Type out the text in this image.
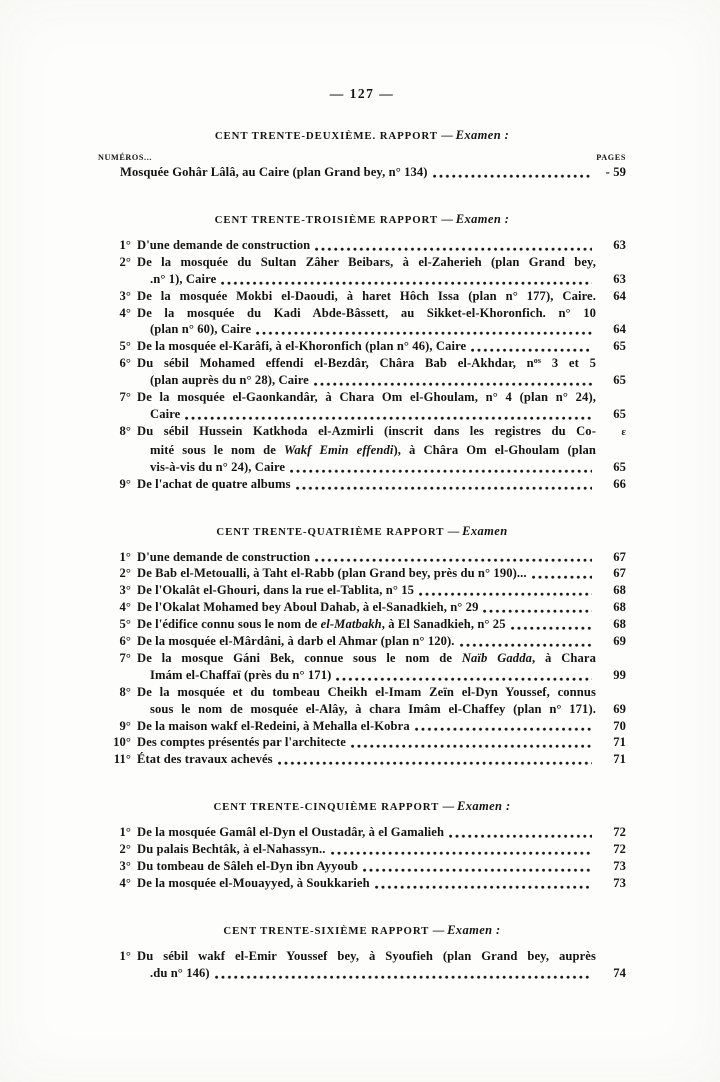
— 127 —
CENT TRENTE-DEUXIÈME. RAPPORT — Examen :
NUMÉROS...	PAGES
Mosquée Gohâr Lâlâ, au Caire (plan Grand bey, n° 134)	- 59
CENT TRENTE-TROISIÈME RAPPORT — Examen :
1° D'une demande de construction	63
2° De la mosquée du Sultan Zâher Beibars, à el-Zaherieh (plan Grand bey,
.n° 1), Caire	63
3° De la mosquée Mokbi el-Daoudi, à haret Hôch Issa (plan n° 177), Caire.	64
4° De la mosquée du Kadi Abde-Bâssett, au Sikket-el-Khoronfich. n° 10
(plan n° 60), Caire	64
5° De la mosquée el-Karâfi, à el-Khoronfich (plan n° 46), Caire	65
6° Du sébil Mohamed effendi el-Bezdâr, Châra Bab el-Akhdar, $n^{os}$ 3 et 5
(plan auprès du n° 28), Caire	65
7° De la mosquée el-Gaonkandâr, à Chara Om el-Ghoulam, n° 4 (plan n° 24),
Caire	65
8° Du sébil Hussein Katkhoda el-Azmirli (inscrit dans les registres du Co-	ε
mité sous le nom de Wakf Emin effendi), à Châra Om el-Ghoulam (plan
vis-à-vis du n° 24), Caire	65
9° De l'achat de quatre albums	66
CENT TRENTE-QUATRIÈME RAPPORT — Examen
1° D'une demande de construction	67
2° De Bab el-Metoualli, à Taht el-Rabb (plan Grand bey, près du n° 190)...	67
3° De l'Okalât el-Ghouri, dans la rue el-Tablita, n° 15	68
4° De l'Okalat Mohamed bey Aboul Dahab, à el-Sanadkieh, n° 29	68
5° De l'édifice connu sous le nom de el-Matbakh, à El Sanadkieh, n° 25	68
6° De la mosquée el-Mârdâni, à darb el Ahmar (plan n° 120).	69
7° De la mosque Gáni Bek, connue sous le nom de Naïb Gadda, à Chara
Imám el-Chaffaï (près du n° 171)	99
8° De la mosquée et du tombeau Cheikh el-Imam Zeïn el-Dyn Youssef, connus
sous le nom de mosquée el-Alây, à chara Imâm el-Chaffey (plan n° 171).	69
9° De la maison wakf el-Redeini, à Mehalla el-Kobra	70
10° Des comptes présentés par l'architecte	71
11° État des travaux achevés	71
CENT TRENTE-CINQUIÈME RAPPORT — Examen :
1° De la mosquée Gamâl el-Dyn el Oustadâr, à el Gamalieh	72
2° Du palais Bechtâk, à el-Nahassyn..	72
3° Du tombeau de Sâleh el-Dyn ibn Ayyoub	73
4° De la mosquée el-Mouayyed, à Soukkarieh	73
CENT TRENTE-SIXIÈME RAPPORT — Examen :
1° Du sébil wakf el-Emir Youssef bey, à Syoufieh (plan Grand bey, auprès
.du n° 146)	74
